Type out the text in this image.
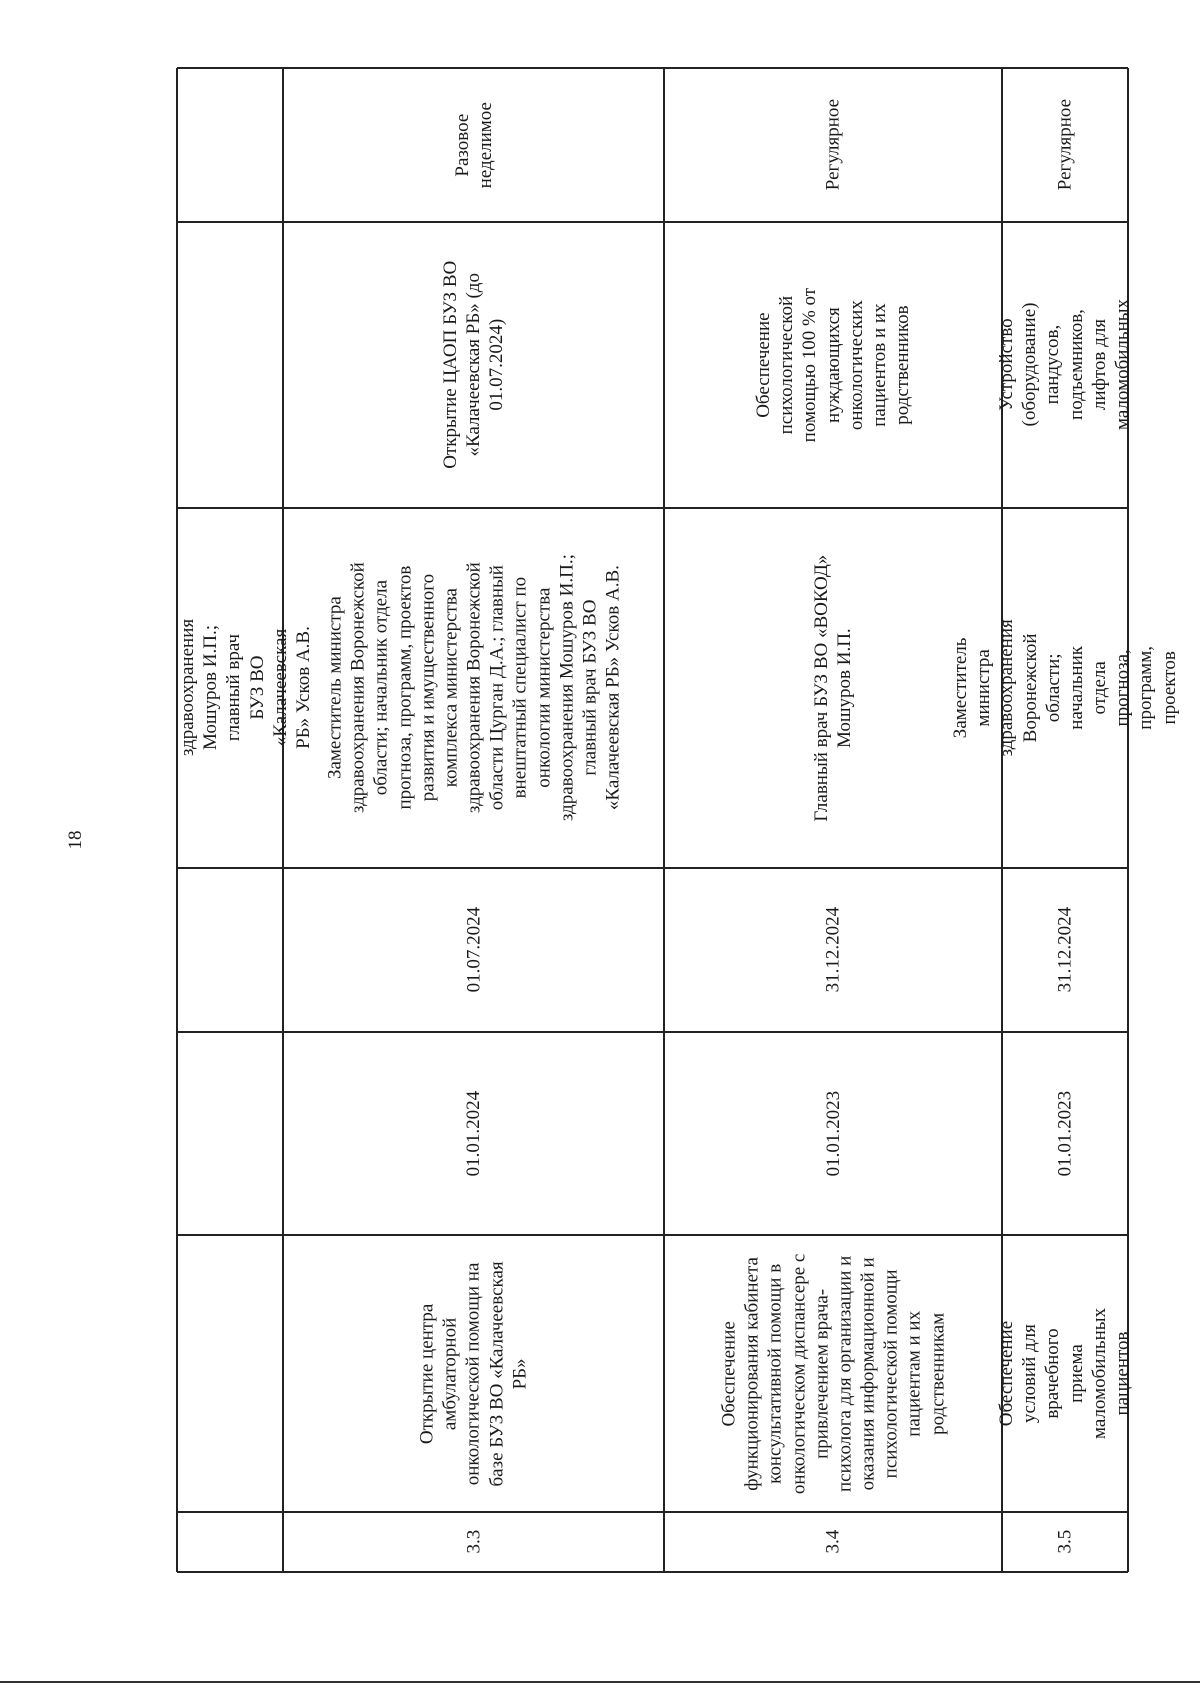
18
здравоохранения Мошуров И.П.;
главный врач БУЗ ВО
«Калачеевская РБ» Усков А.В.
3.3
Открытие центра
амбулаторной
онкологической помощи на
базе БУЗ ВО «Калачеевская
РБ»
01.01.2024
01.07.2024
Заместитель министра
здравоохранения Воронежской
области; начальник отдела
прогноза, программ, проектов
развития и имущественного
комплекса министерства
здравоохранения Воронежской
области Цурган Д.А.; главный
внештатный специалист по
онкологии министерства
здравоохранения Мошуров И.П.;
главный врач БУЗ ВО
«Калачеевская РБ» Усков А.В.
Открытие ЦАОП БУЗ ВО
«Калачеевская РБ» (до
01.07.2024)
Разовое
неделимое
3.4
Обеспечение
функционирования кабинета
консультативной помощи в
онкологическом диспансере с
привлечением врача-
психолога для организации и
оказания информационной и
психологической помощи
пациентам и их
родственникам
01.01.2023
31.12.2024
Главный врач БУЗ ВО «ВОКОД»
Мошуров И.П.
Обеспечение
психологической
помощью 100 % от
нуждающихся
онкологических
пациентов и их
родственников
Регулярное
3.5
Обеспечение условий для
врачебного приема
маломобильных пациентов
01.01.2023
31.12.2024
Заместитель министра
здравоохранения Воронежской
области; начальник отдела
прогноза, программ, проектов
Устройство
(оборудование) пандусов,
подъемников, лифтов для
маломобильных
Регулярное
